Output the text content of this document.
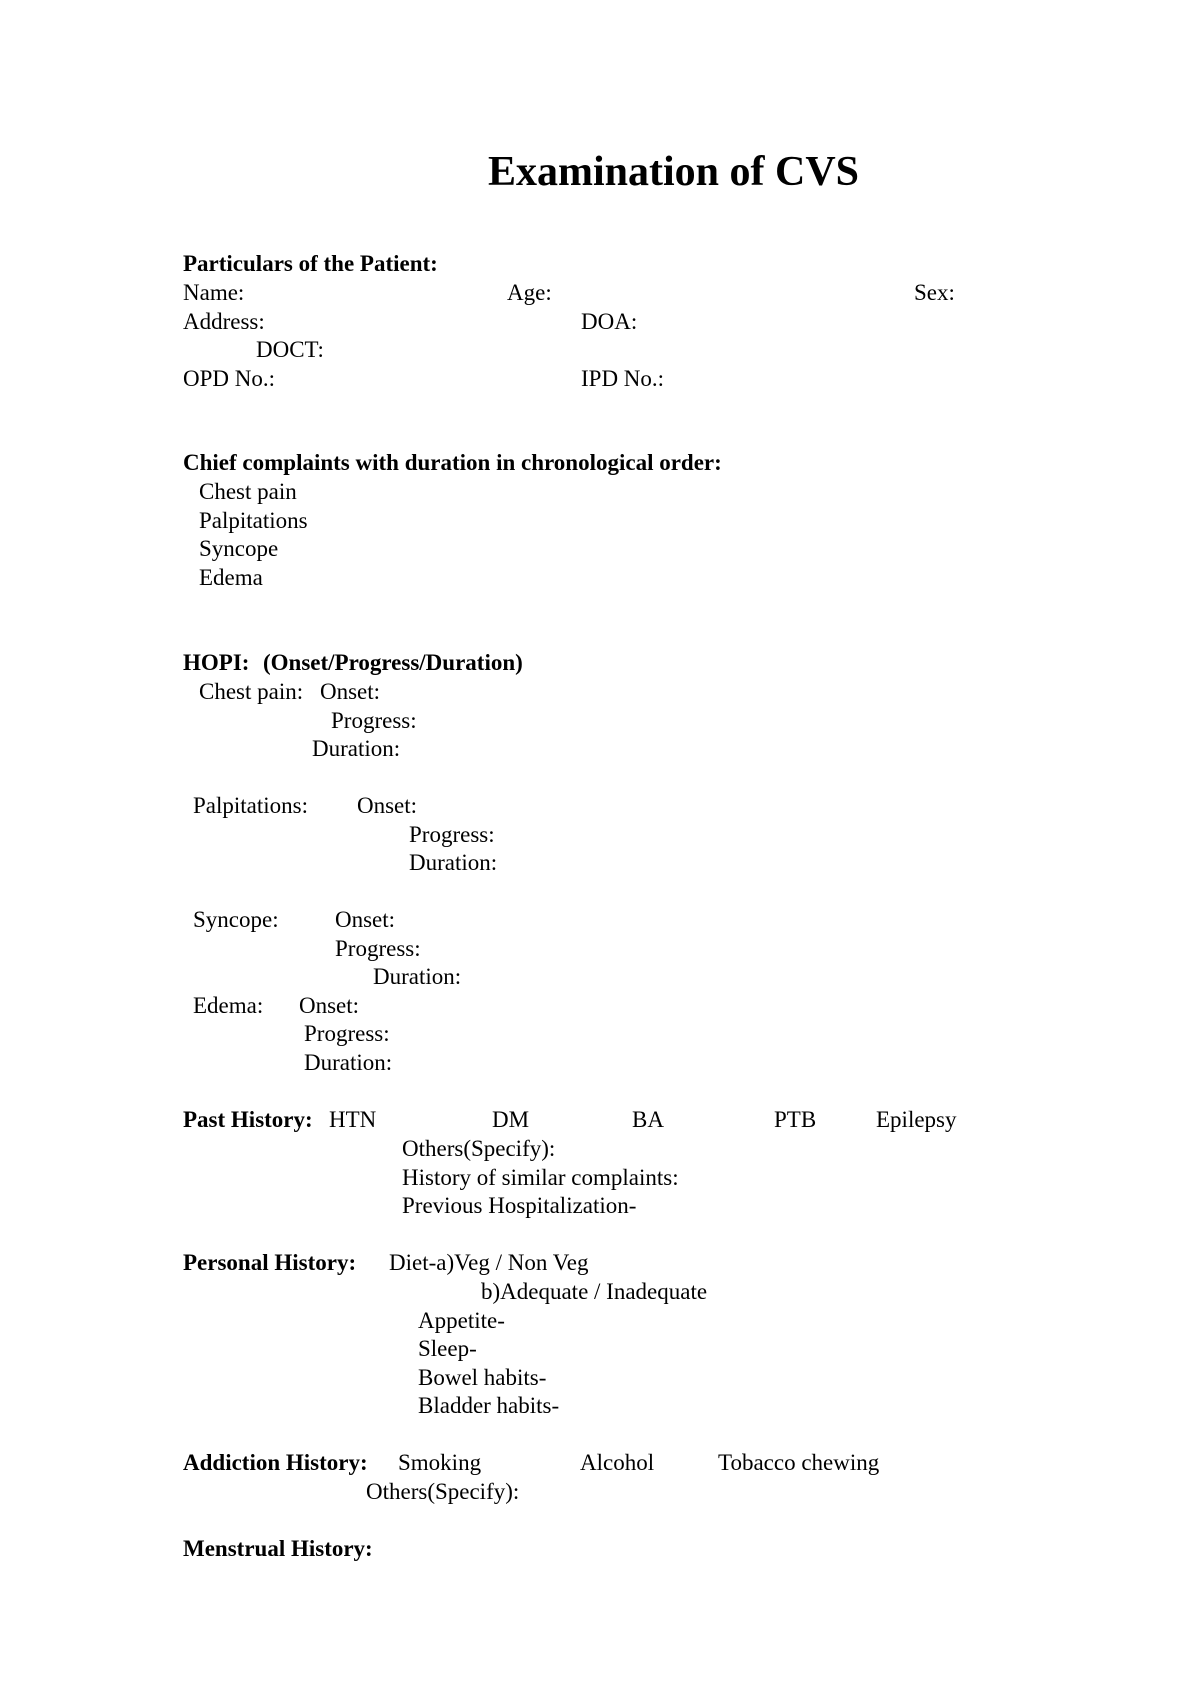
Examination of CVS
Particulars of the Patient:
Name:	Age:	Sex:
Address:	DOA:
DOCT:
OPD No.:	IPD No.:
Chief complaints with duration in chronological order:
Chest pain
Palpitations
Syncope
Edema
HOPI: (Onset/Progress/Duration)
Chest pain: Onset:
Progress:
Duration:
Palpitations: Onset:
Progress:
Duration:
Syncope: Onset:
Progress:
Duration:
Edema: Onset:
Progress:
Duration:
Past History: HTN	DM	BA	PTB	Epilepsy
Others(Specify):
History of similar complaints:
Previous Hospitalization-
Personal History: Diet-a)Veg / Non Veg
b)Adequate / Inadequate
Appetite-
Sleep-
Bowel habits-
Bladder habits-
Addiction History: Smoking	Alcohol	Tobacco chewing
Others(Specify):
Menstrual History:
